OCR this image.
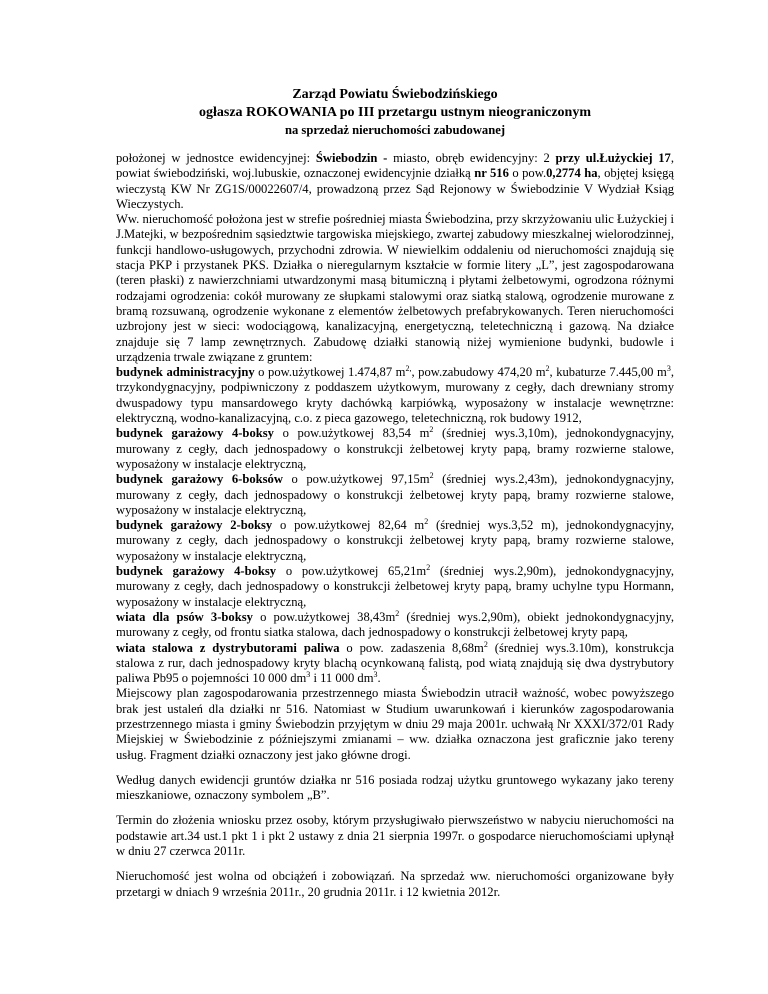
Zarząd Powiatu Świebodzińskiego
ogłasza ROKOWANIA po III przetargu ustnym nieograniczonym
na sprzedaż nieruchomości zabudowanej

położonej w jednostce ewidencyjnej: Świebodzin - miasto, obręb ewidencyjny: 2 przy ul.Łużyckiej 17, powiat świebodziński, woj.lubuskie, oznaczonej ewidencyjnie działką nr 516 o pow.0,2774 ha, objętej księgą wieczystą KW Nr ZG1S/00022607/4, prowadzoną przez Sąd Rejonowy w Świebodzinie V Wydział Ksiąg Wieczystych.

Ww. nieruchomość położona jest w strefie pośredniej miasta Świebodzina, przy skrzyżowaniu ulic Łużyckiej i J.Matejki, w bezpośrednim sąsiedztwie targowiska miejskiego, zwartej zabudowy mieszkalnej wielorodzinnej, funkcji handlowo-usługowych, przychodni zdrowia. W niewielkim oddaleniu od nieruchomości znajdują się stacja PKP i przystanek PKS. Działka o nieregularnym kształcie w formie litery „L”, jest zagospodarowana (teren płaski) z nawierzchniami utwardzonymi masą bitumiczną i płytami żelbetowymi, ogrodzona różnymi rodzajami ogrodzenia: cokół murowany ze słupkami stalowymi oraz siatką stalową, ogrodzenie murowane z bramą rozsuwaną, ogrodzenie wykonane z elementów żelbetowych prefabrykowanych. Teren nieruchomości uzbrojony jest w sieci: wodociągową, kanalizacyjną, energetyczną, teletechniczną i gazową. Na działce znajduje się 7 lamp zewnętrznych. Zabudowę działki stanowią niżej wymienione budynki, budowle i urządzenia trwale związane z gruntem:

budynek administracyjny o pow.użytkowej 1.474,87 $m^{2,}$, pow.zabudowy 474,20 $m^2$, kubaturze 7.445,00 $m^3$, trzykondygnacyjny, podpiwniczony z poddaszem użytkowym, murowany z cegły, dach drewniany stromy dwuspadowy typu mansardowego kryty dachówką karpiówką, wyposażony w instalacje wewnętrzne: elektryczną, wodno-kanalizacyjną, c.o. z pieca gazowego, teletechniczną, rok budowy 1912,

budynek garażowy 4-boksy o pow.użytkowej 83,54 $m^2$ (średniej wys.3,10m), jednokondygnacyjny, murowany z cegły, dach jednospadowy o konstrukcji żelbetowej kryty papą, bramy rozwierne stalowe, wyposażony w instalacje elektryczną,

budynek garażowy 6-boksów o pow.użytkowej $97,15m^2$ (średniej wys.2,43m), jednokondygnacyjny, murowany z cegły, dach jednospadowy o konstrukcji żelbetowej kryty papą, bramy rozwierne stalowe, wyposażony w instalacje elektryczną,

budynek garażowy 2-boksy o pow.użytkowej 82,64 $m^2$ (średniej wys.3,52 m), jednokondygnacyjny, murowany z cegły, dach jednospadowy o konstrukcji żelbetowej kryty papą, bramy rozwierne stalowe, wyposażony w instalacje elektryczną,

budynek garażowy 4-boksy o pow.użytkowej $65,21m^2$ (średniej wys.2,90m), jednokondygnacyjny, murowany z cegły, dach jednospadowy o konstrukcji żelbetowej kryty papą, bramy uchylne typu Hormann, wyposażony w instalacje elektryczną,

wiata dla psów 3-boksy o pow.użytkowej $38,43m^2$ (średniej wys.2,90m), obiekt jednokondygnacyjny, murowany z cegły, od frontu siatka stalowa, dach jednospadowy o konstrukcji żelbetowej kryty papą,

wiata stalowa z dystrybutorami paliwa o pow. zadaszenia $8,68m^2$ (średniej wys.3.10m), konstrukcja stalowa z rur, dach jednospadowy kryty blachą ocynkowaną falistą, pod wiatą znajdują się dwa dystrybutory paliwa Pb95 o pojemności 10 000 $dm^3$ i 11 000 $dm^3$.

Miejscowy plan zagospodarowania przestrzennego miasta Świebodzin utracił ważność, wobec powyższego brak jest ustaleń dla działki nr 516. Natomiast w Studium uwarunkowań i kierunków zagospodarowania przestrzennego miasta i gminy Świebodzin przyjętym w dniu 29 maja 2001r. uchwałą Nr XXXI/372/01 Rady Miejskiej w Świebodzinie z późniejszymi zmianami – ww. działka oznaczona jest graficznie jako tereny usług. Fragment działki oznaczony jest jako główne drogi.

Według danych ewidencji gruntów działka nr 516 posiada rodzaj użytku gruntowego wykazany jako tereny mieszkaniowe, oznaczony symbolem „B”.

Termin do złożenia wniosku przez osoby, którym przysługiwało pierwszeństwo w nabyciu nieruchomości na podstawie art.34 ust.1 pkt 1 i pkt 2 ustawy z dnia 21 sierpnia 1997r. o gospodarce nieruchomościami upłynął w dniu 27 czerwca 2011r.

Nieruchomość jest wolna od obciążeń i zobowiązań. Na sprzedaż ww. nieruchomości organizowane były przetargi w dniach 9 września 2011r., 20 grudnia 2011r. i 12 kwietnia 2012r.
